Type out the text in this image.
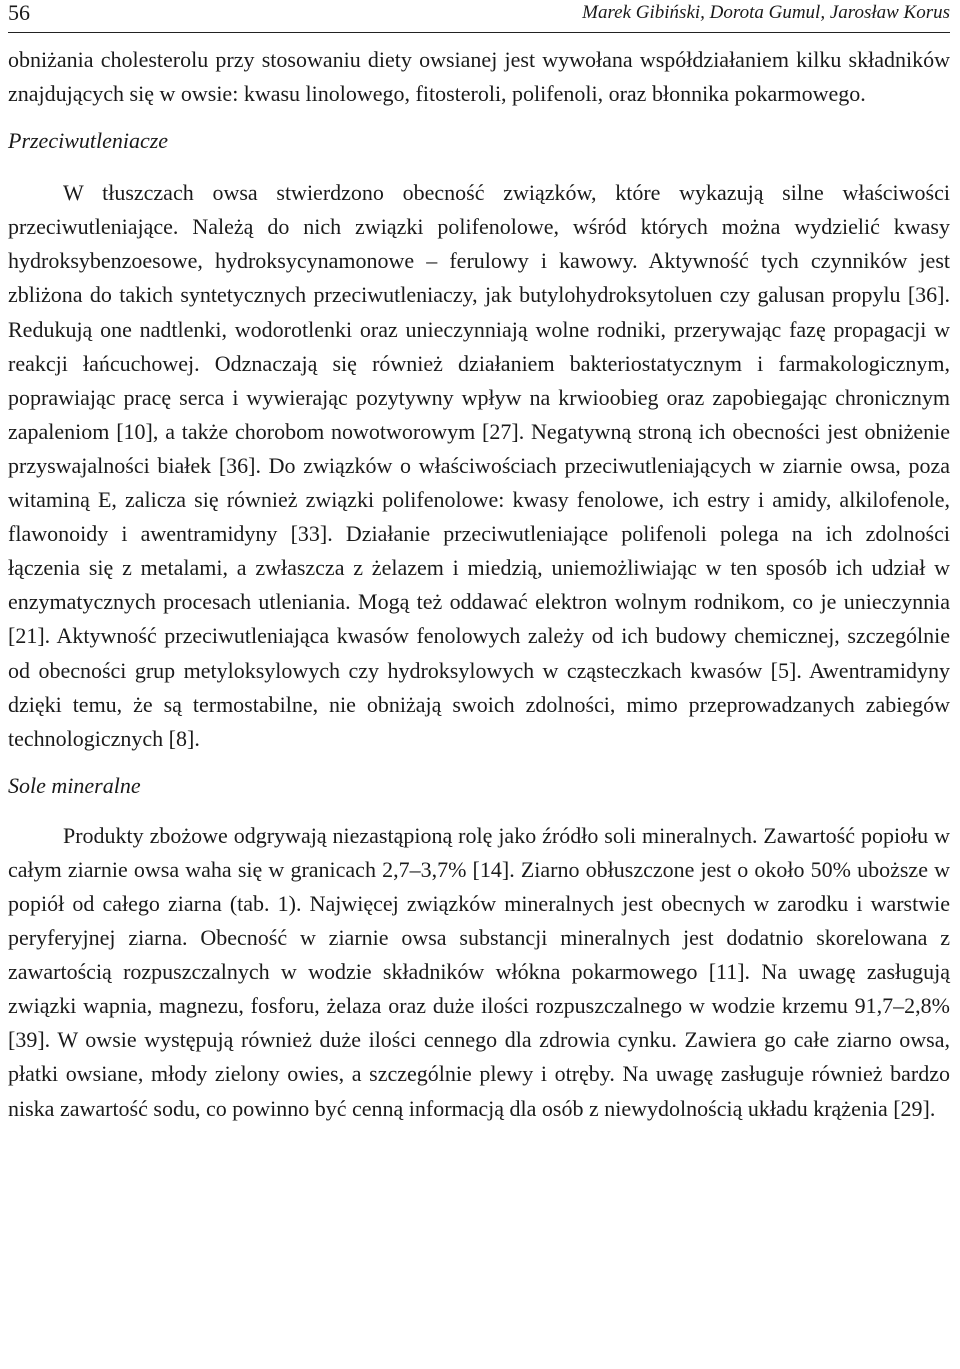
56	Marek Gibiński, Dorota Gumul, Jarosław Korus

obniżania cholesterolu przy stosowaniu diety owsianej jest wywołana współdziałaniem kilku składników znajdujących się w owsie: kwasu linolowego, fitosteroli, polifenoli, oraz błonnika pokarmowego.

Przeciwutleniacze

W tłuszczach owsa stwierdzono obecność związków, które wykazują silne właściwości przeciwutleniające. Należą do nich związki polifenolowe, wśród których można wydzielić kwasy hydroksybenzoesowe, hydroksycynamonowe – ferulowy i kawowy. Aktywność tych czynników jest zbliżona do takich syntetycznych przeciwutleniaczy, jak butylohydroksytoluen czy galusan propylu [36]. Redukują one nadtlenki, wodorotlenki oraz unieczynniają wolne rodniki, przerywając fazę propagacji w reakcji łańcuchowej. Odznaczają się również działaniem bakteriostatycznym i farmakologicznym, poprawiając pracę serca i wywierając pozytywny wpływ na krwioobieg oraz zapobiegając chronicznym zapaleniom [10], a także chorobom nowotworowym [27]. Negatywną stroną ich obecności jest obniżenie przyswajalności białek [36]. Do związków o właściwościach przeciwutleniających w ziarnie owsa, poza witaminą E, zalicza się również związki polifenolowe: kwasy fenolowe, ich estry i amidy, alkilofenole, flawonoidy i awentramidyny [33]. Działanie przeciwutleniające polifenoli polega na ich zdolności łączenia się z metalami, a zwłaszcza z żelazem i miedzią, uniemożliwiając w ten sposób ich udział w enzymatycznych procesach utleniania. Mogą też oddawać elektron wolnym rodnikom, co je unieczynnia [21]. Aktywność przeciwutleniająca kwasów fenolowych zależy od ich budowy chemicznej, szczególnie od obecności grup metyloksylowych czy hydroksylowych w cząsteczkach kwasów [5]. Awentramidyny dzięki temu, że są termostabilne, nie obniżają swoich zdolności, mimo przeprowadzanych zabiegów technologicznych [8].

Sole mineralne

Produkty zbożowe odgrywają niezastąpioną rolę jako źródło soli mineralnych. Zawartość popiołu w całym ziarnie owsa waha się w granicach 2,7–3,7% [14]. Ziarno obłuszczone jest o około 50% uboższe w popiół od całego ziarna (tab. 1). Najwięcej związków mineralnych jest obecnych w zarodku i warstwie peryferyjnej ziarna. Obecność w ziarnie owsa substancji mineralnych jest dodatnio skorelowana z zawartością rozpuszczalnych w wodzie składników włókna pokarmowego [11]. Na uwagę zasługują związki wapnia, magnezu, fosforu, żelaza oraz duże ilości rozpuszczalnego w wodzie krzemu 91,7–2,8% [39]. W owsie występują również duże ilości cennego dla zdrowia cynku. Zawiera go całe ziarno owsa, płatki owsiane, młody zielony owies, a szczególnie plewy i otręby. Na uwagę zasługuje również bardzo niska zawartość sodu, co powinno być cenną informacją dla osób z niewydolnością układu krążenia [29].
